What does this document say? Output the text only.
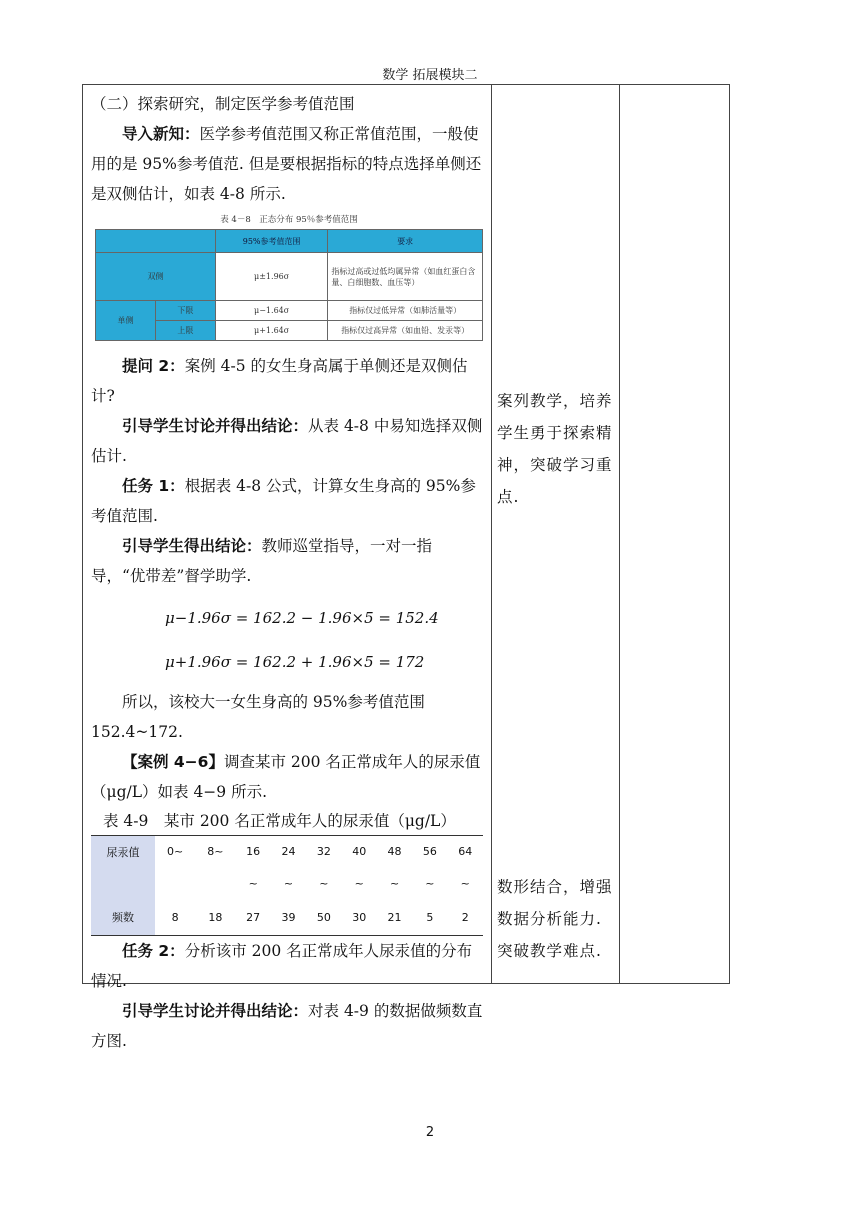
数学 拓展模块二

（二）探索研究，制定医学参考值范围

导入新知：医学参考值范围又称正常值范围，一般使用的是 95%参考值范. 但是要根据指标的特点选择单侧还是双侧估计，如表 4-8 所示.

表 4－8　正态分布 95％参考值范围
		95%参考值范围	要求
双侧		μ±1.96σ	指标过高或过低均属异常（如血红蛋白含量、白细胞数、血压等）
单侧	下限	μ−1.64σ	指标仅过低异常（如肺活量等）
	上限	μ+1.64σ	指标仅过高异常（如血铅、发汞等）

提问 2：案例 4-5 的女生身高属于单侧还是双侧估计?

引导学生讨论并得出结论：从表 4-8 中易知选择双侧估计.

任务 1：根据表 4-8 公式，计算女生身高的 95%参考值范围.

引导学生得出结论：教师巡堂指导，一对一指导，“优带差”督学助学.

μ−1.96σ = 162.2 − 1.96×5 = 152.4

μ+1.96σ = 162.2 + 1.96×5 = 172

所以，该校大一女生身高的 95%参考值范围 152.4~172.

【案例 4−6】调查某市 200 名正常成年人的尿汞值（μg/L）如表 4−9 所示.

表 4-9　某市 200 名正常成年人的尿汞值（μg/L）
尿汞值	0~	8~	16	24	32	40	48	56	64
			~	~	~	~	~	~	~
频数	8	18	27	39	50	30	21	5	2

任务 2：分析该市 200 名正常成年人尿汞值的分布情况.

引导学生讨论并得出结论：对表 4-9 的数据做频数直方图.

案列教学，培养学生勇于探索精神，突破学习重点.
数形结合，增强数据分析能力. 突破教学难点.
2
